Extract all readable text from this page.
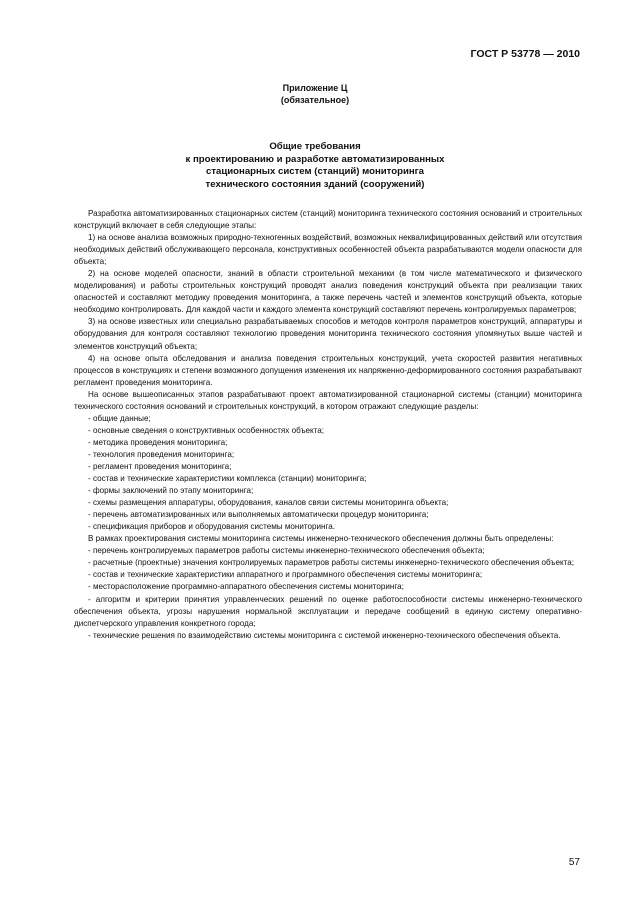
ГОСТ Р 53778 — 2010
Приложение Ц
(обязательное)
Общие требования
к проектированию и разработке автоматизированных
стационарных систем (станций) мониторинга
технического состояния зданий (сооружений)

Разработка автоматизированных стационарных систем (станций) мониторинга технического состояния оснований и строительных конструкций включает в себя следующие этапы:

1) на основе анализа возможных природно-техногенных воздействий, возможных неквалифицированных действий или отсутствия необходимых действий обслуживающего персонала, конструктивных особенностей объекта разрабатываются модели опасности для объекта;

2) на основе моделей опасности, знаний в области строительной механики (в том числе математического и физического моделирования) и работы строительных конструкций проводят анализ поведения конструкций объекта при реализации таких опасностей и составляют методику проведения мониторинга, а также перечень частей и элементов конструкций объекта, которые необходимо контролировать. Для каждой части и каждого элемента конструкций составляют перечень контролируемых параметров;

3) на основе известных или специально разрабатываемых способов и методов контроля параметров конструкций, аппаратуры и оборудования для контроля составляют технологию проведения мониторинга технического состояния упомянутых выше частей и элементов конструкций объекта;

4) на основе опыта обследования и анализа поведения строительных конструкций, учета скоростей развития негативных процессов в конструкциях и степени возможного допущения изменения их напряженно-деформированного состояния разрабатывают регламент проведения мониторинга.

На основе вышеописанных этапов разрабатывают проект автоматизированной стационарной системы (станции) мониторинга технического состояния оснований и строительных конструкций, в котором отражают следующие разделы:

- общие данные;

- основные сведения о конструктивных особенностях объекта;

- методика проведения мониторинга;

- технология проведения мониторинга;

- регламент проведения мониторинга;

- состав и технические характеристики комплекса (станции) мониторинга;

- формы заключений по этапу мониторинга;

- схемы размещения аппаратуры, оборудования, каналов связи системы мониторинга объекта;

- перечень автоматизированных или выполняемых автоматически процедур мониторинга;

- спецификация приборов и оборудования системы мониторинга.

В рамках проектирования системы мониторинга системы инженерно-технического обеспечения должны быть определены:

- перечень контролируемых параметров работы системы инженерно-технического обеспечения объекта;

- расчетные (проектные) значения контролируемых параметров работы системы инженерно-технического обеспечения объекта;

- состав и технические характеристики аппаратного и программного обеспечения системы мониторинга;

- месторасположение программно-аппаратного обеспечения системы мониторинга;

- алгоритм и критерии принятия управленческих решений по оценке работоспособности системы инженерно-технического обеспечения объекта, угрозы нарушения нормальной эксплуатации и передаче сообщений в единую систему оперативно-диспетчерского управления конкретного города;

- технические решения по взаимодействию системы мониторинга с системой инженерно-технического обеспечения объекта.

57
